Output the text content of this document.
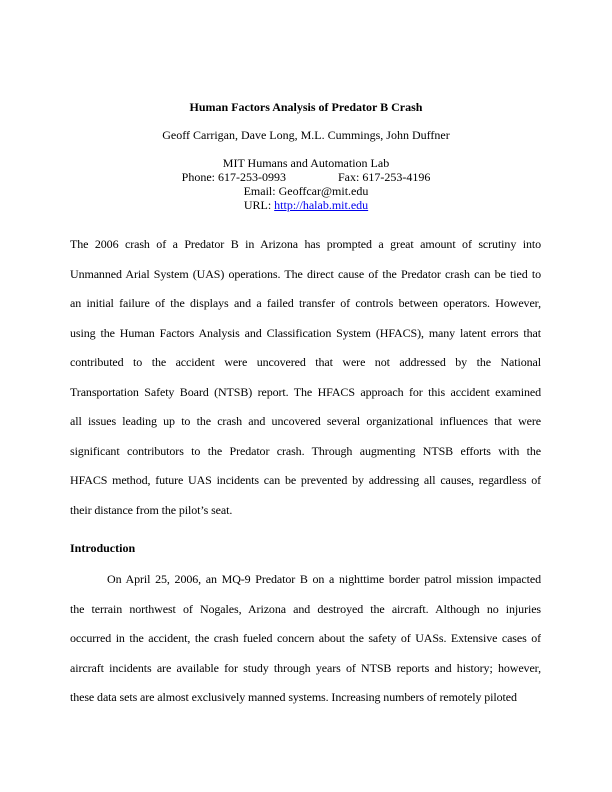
Human Factors Analysis of Predator B Crash
Geoff Carrigan, Dave Long, M.L. Cummings, John Duffner
MIT Humans and Automation Lab
Phone: 617-253-0993	Fax: 617-253-4196
Email: Geoffcar@mit.edu
URL: http://halab.mit.edu
The 2006 crash of a Predator B in Arizona has prompted a great amount of scrutiny into
Unmanned Arial System (UAS) operations. The direct cause of the Predator crash can be tied to
an initial failure of the displays and a failed transfer of controls between operators. However,
using the Human Factors Analysis and Classification System (HFACS), many latent errors that
contributed to the accident were uncovered that were not addressed by the National
Transportation Safety Board (NTSB) report. The HFACS approach for this accident examined
all issues leading up to the crash and uncovered several organizational influences that were
significant contributors to the Predator crash. Through augmenting NTSB efforts with the
HFACS method, future UAS incidents can be prevented by addressing all causes, regardless of
their distance from the pilot’s seat.
Introduction
On April 25, 2006, an MQ-9 Predator B on a nighttime border patrol mission impacted
the terrain northwest of Nogales, Arizona and destroyed the aircraft. Although no injuries
occurred in the accident, the crash fueled concern about the safety of UASs. Extensive cases of
aircraft incidents are available for study through years of NTSB reports and history; however,
these data sets are almost exclusively manned systems. Increasing numbers of remotely piloted
